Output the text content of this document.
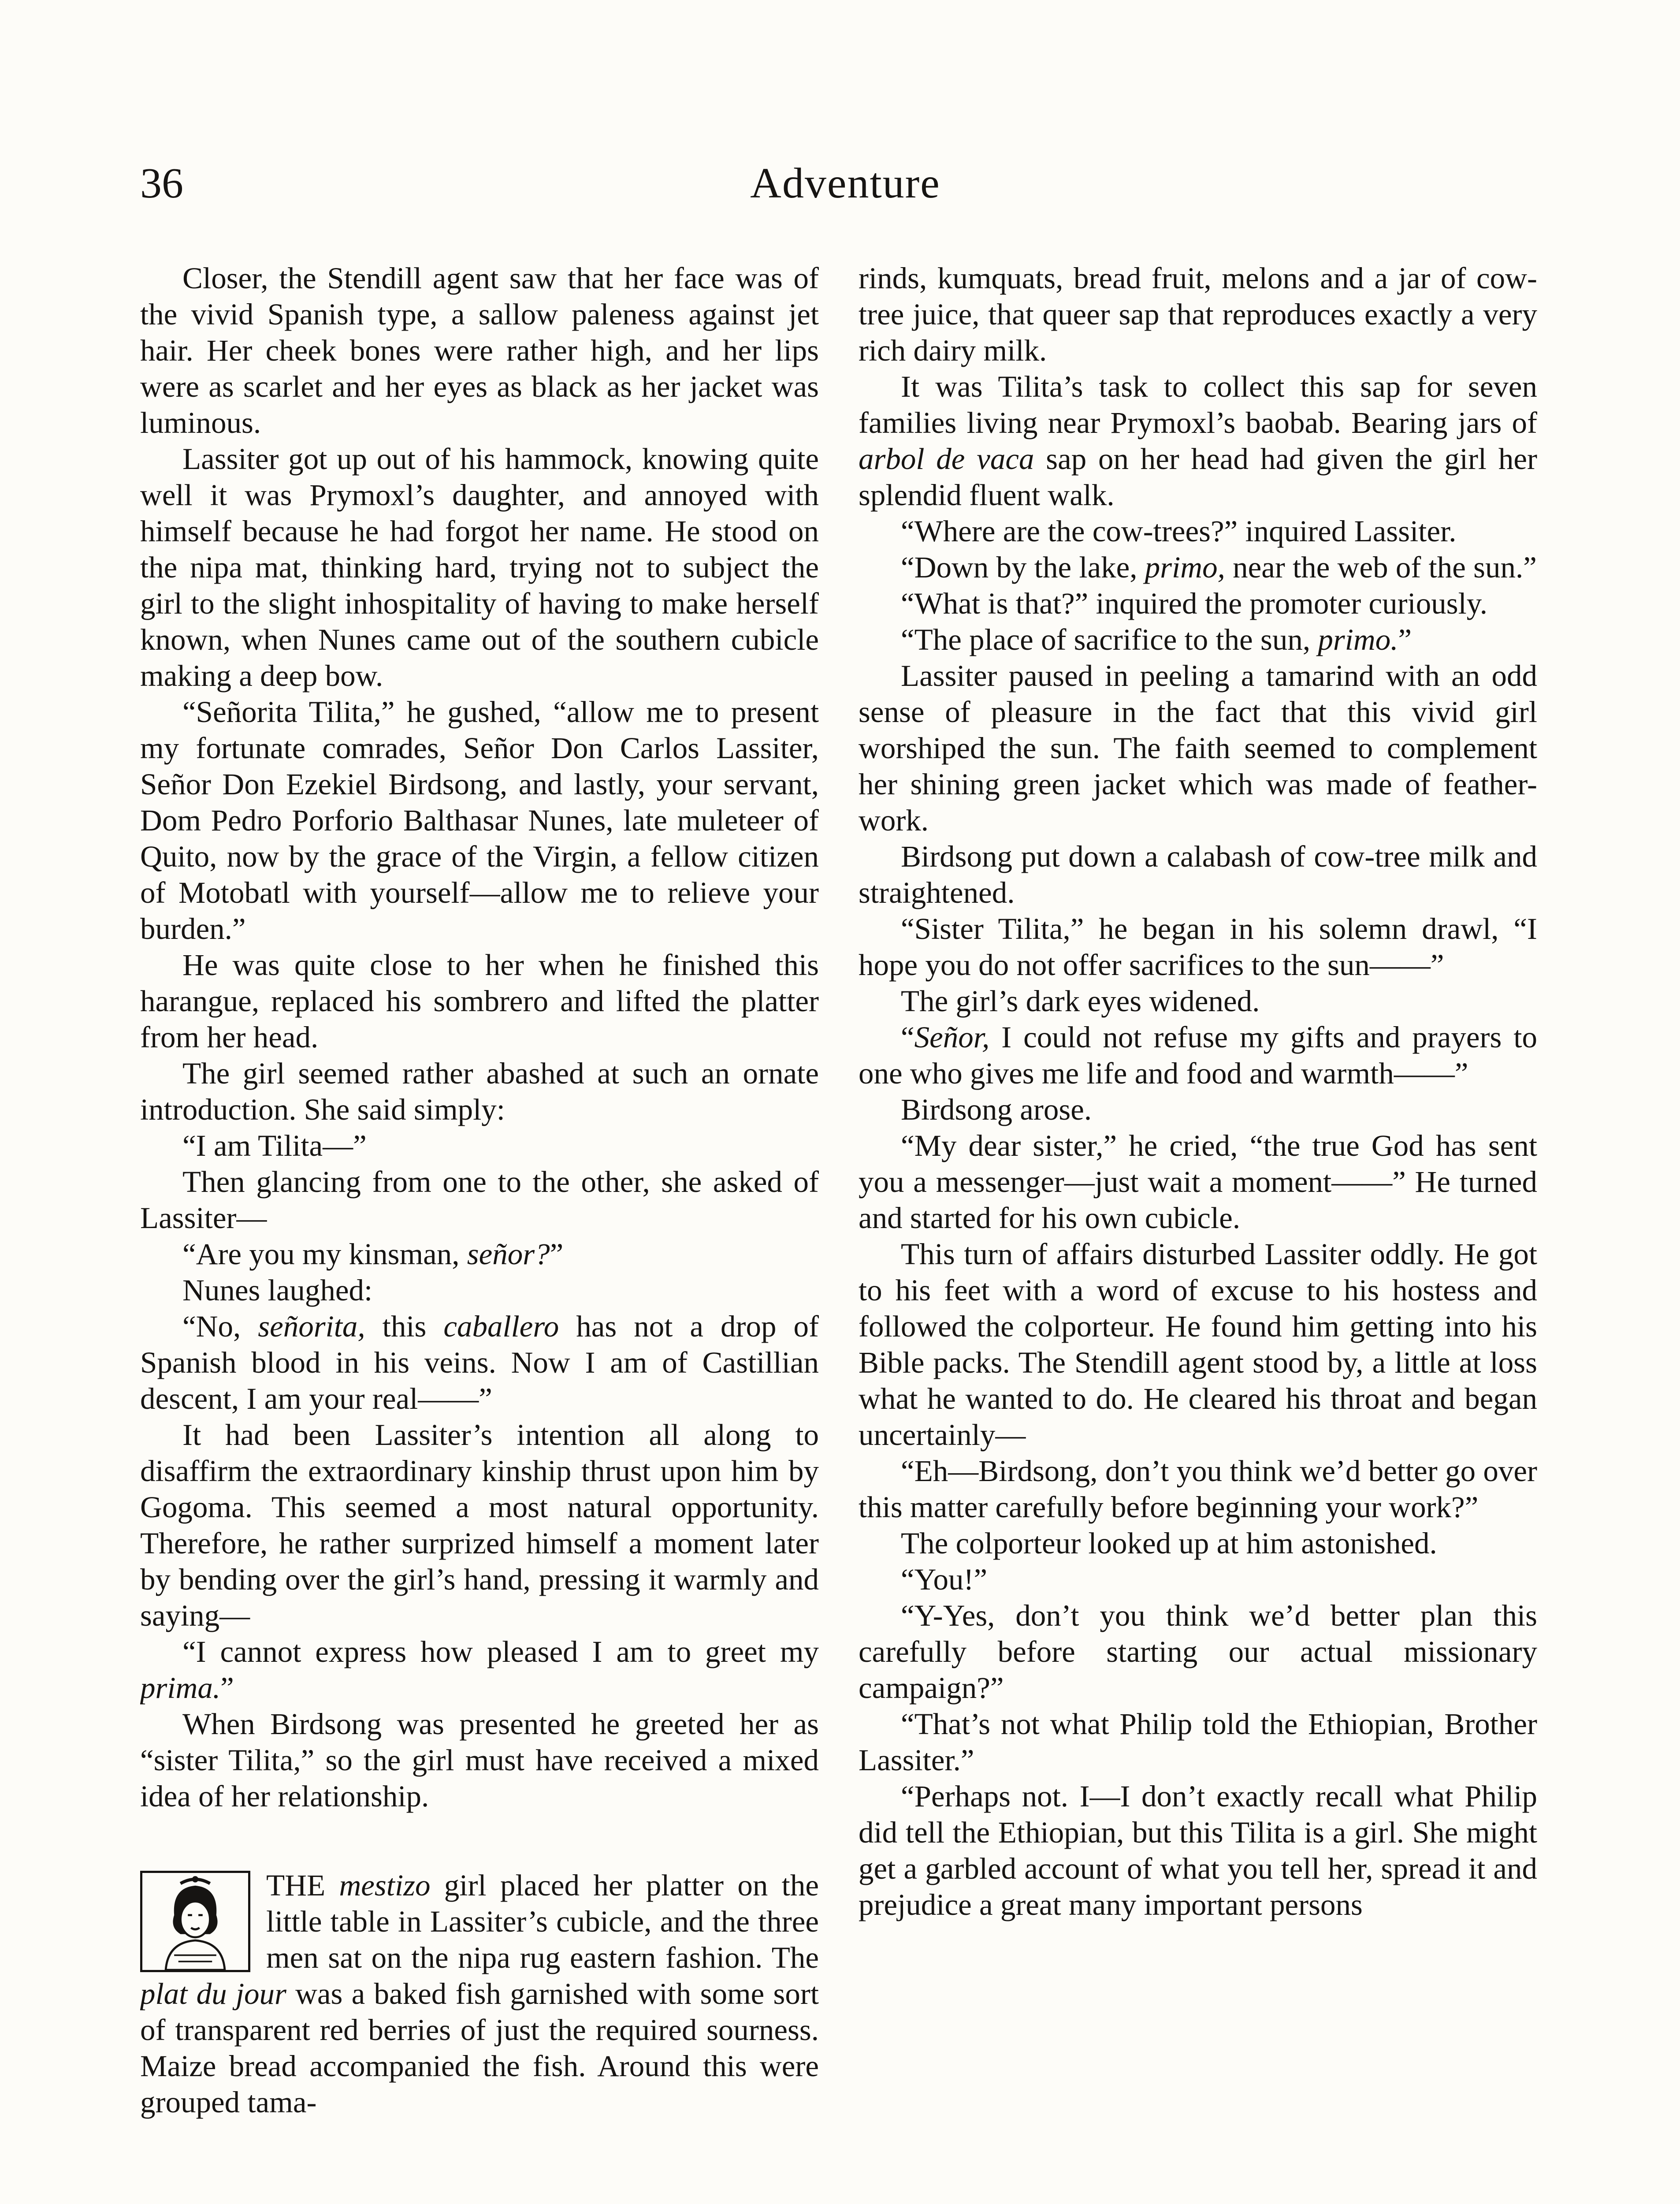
36	Adventure

Closer, the Stendill agent saw that her face was of the vivid Spanish type, a sallow paleness against jet hair. Her cheek bones were rather high, and her lips were as scarlet and her eyes as black as her jacket was luminous.

Lassiter got up out of his hammock, knowing quite well it was Prymoxl’s daughter, and annoyed with himself because he had forgot her name. He stood on the nipa mat, thinking hard, trying not to subject the girl to the slight inhospitality of having to make herself known, when Nunes came out of the southern cubicle making a deep bow.

“Señorita Tilita,” he gushed, “allow me to present my fortunate comrades, Señor Don Carlos Lassiter, Señor Don Ezekiel Birdsong, and lastly, your servant, Dom Pedro Porforio Balthasar Nunes, late muleteer of Quito, now by the grace of the Virgin, a fellow citizen of Motobatl with yourself—allow me to relieve your burden.”

He was quite close to her when he finished this harangue, replaced his sombrero and lifted the platter from her head.

The girl seemed rather abashed at such an ornate introduction. She said simply:

“I am Tilita—”

Then glancing from one to the other, she asked of Lassiter—

“Are you my kinsman, señor?”

Nunes laughed:

“No, señorita, this caballero has not a drop of Spanish blood in his veins. Now I am of Castillian descent, I am your real——”

It had been Lassiter’s intention all along to disaffirm the extraordinary kinship thrust upon him by Gogoma. This seemed a most natural opportunity. Therefore, he rather surprized himself a moment later by bending over the girl’s hand, pressing it warmly and saying—

“I cannot express how pleased I am to greet my prima.”

When Birdsong was presented he greeted her as “sister Tilita,” so the girl must have received a mixed idea of her relationship.

THE mestizo girl placed her platter on the little table in Lassiter’s cubicle, and the three men sat on the nipa rug eastern fashion. The plat du jour was a baked fish garnished with some sort of transparent red berries of just the required sourness. Maize bread accompanied the fish. Around this were grouped tama-

rinds, kumquats, bread fruit, melons and a jar of cow-tree juice, that queer sap that reproduces exactly a very rich dairy milk.

It was Tilita’s task to collect this sap for seven families living near Prymoxl’s baobab. Bearing jars of arbol de vaca sap on her head had given the girl her splendid fluent walk.

“Where are the cow-trees?” inquired Lassiter.

“Down by the lake, primo, near the web of the sun.”

“What is that?” inquired the promoter curiously.

“The place of sacrifice to the sun, primo.”

Lassiter paused in peeling a tamarind with an odd sense of pleasure in the fact that this vivid girl worshiped the sun. The faith seemed to complement her shining green jacket which was made of feather-work.

Birdsong put down a calabash of cow-tree milk and straightened.

“Sister Tilita,” he began in his solemn drawl, “I hope you do not offer sacrifices to the sun——”

The girl’s dark eyes widened.

“Señor, I could not refuse my gifts and prayers to one who gives me life and food and warmth——”

Birdsong arose.

“My dear sister,” he cried, “the true God has sent you a messenger—just wait a moment——” He turned and started for his own cubicle.

This turn of affairs disturbed Lassiter oddly. He got to his feet with a word of excuse to his hostess and followed the colporteur. He found him getting into his Bible packs. The Stendill agent stood by, a little at loss what he wanted to do. He cleared his throat and began uncertainly—

“Eh—Birdsong, don’t you think we’d better go over this matter carefully before beginning your work?”

The colporteur looked up at him astonished.

“You!”

“Y-Yes, don’t you think we’d better plan this carefully before starting our actual missionary campaign?”

“That’s not what Philip told the Ethiopian, Brother Lassiter.”

“Perhaps not. I—I don’t exactly recall what Philip did tell the Ethiopian, but this Tilita is a girl. She might get a garbled account of what you tell her, spread it and prejudice a great many important persons
